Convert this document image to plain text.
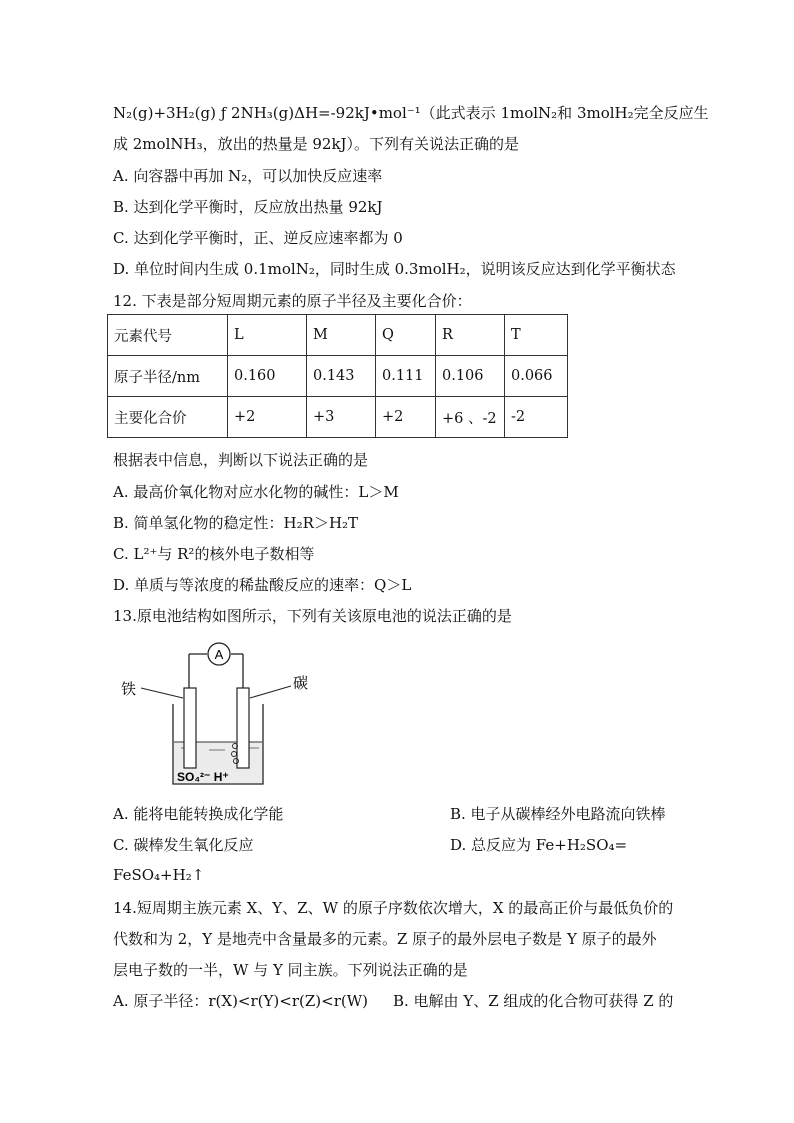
N₂(g)+3H₂(g) ƒ 2NH₃(g)ΔH=-92kJ•mol⁻¹（此式表示 1molN₂和 3molH₂完全反应生
成 2molNH₃，放出的热量是 92kJ）。下列有关说法正确的是
A. 向容器中再加 N₂，可以加快反应速率
B. 达到化学平衡时，反应放出热量 92kJ
C. 达到化学平衡时，正、逆反应速率都为 0
D. 单位时间内生成 0.1molN₂，同时生成 0.3molH₂，说明该反应达到化学平衡状态
12. 下表是部分短周期元素的原子半径及主要化合价：
元素代号	L	M	Q	R	T
原子半径/nm	0.160	0.143	0.111	0.106	0.066
主要化合价	+2	+3	+2	+6 、-2	-2
根据表中信息，判断以下说法正确的是
A. 最高价氧化物对应水化物的碱性：L＞M
B. 简单氢化物的稳定性：H₂R＞H₂T
C. L²⁺与 R²的核外电子数相等
D. 单质与等浓度的稀盐酸反应的速率：Q＞L
13.原电池结构如图所示，下列有关该原电池的说法正确的是
A
铁	碳
SO₄²⁻ H⁺
A. 能将电能转换成化学能	B. 电子从碳棒经外电路流向铁棒
C. 碳棒发生氧化反应	D. 总反应为 Fe+H₂SO₄=
FeSO₄+H₂↑
14.短周期主族元素 X、Y、Z、W 的原子序数依次增大，X 的最高正价与最低负价的
代数和为 2，Y 是地壳中含量最多的元素。Z 原子的最外层电子数是 Y 原子的最外
层电子数的一半，W 与 Y 同主族。下列说法正确的是
A. 原子半径：r(X)<r(Y)<r(Z)<r(W) B. 电解由 Y、Z 组成的化合物可获得 Z 的
